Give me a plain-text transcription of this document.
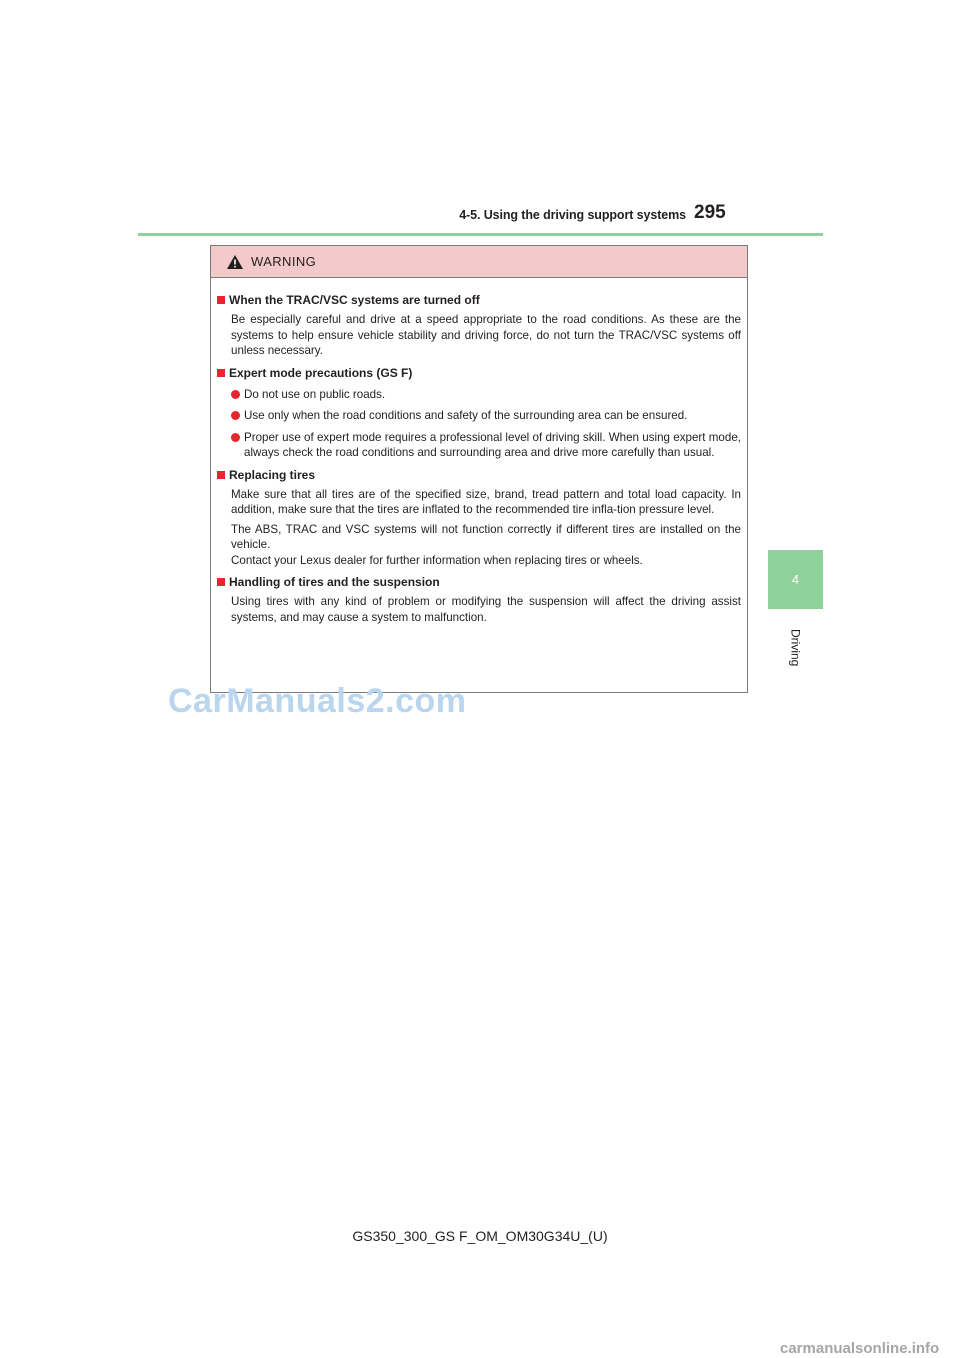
4-5. Using the driving support systems 295
4
Driving
WARNING
When the TRAC/VSC systems are turned off
Be especially careful and drive at a speed appropriate to the road conditions. As these are the systems to help ensure vehicle stability and driving force, do not turn the TRAC/VSC systems off unless necessary.
Expert mode precautions (GS F)
Do not use on public roads.
Use only when the road conditions and safety of the surrounding area can be ensured.
Proper use of expert mode requires a professional level of driving skill. When using expert mode, always check the road conditions and surrounding area and drive more carefully than usual.
Replacing tires
Make sure that all tires are of the specified size, brand, tread pattern and total load capacity. In addition, make sure that the tires are inflated to the recommended tire infla-tion pressure level.
The ABS, TRAC and VSC systems will not function correctly if different tires are installed on the vehicle.
Contact your Lexus dealer for further information when replacing tires or wheels.
Handling of tires and the suspension
Using tires with any kind of problem or modifying the suspension will affect the driving assist systems, and may cause a system to malfunction.
CarManuals2.com
GS350_300_GS F_OM_OM30G34U_(U)
carmanualsonline.info
